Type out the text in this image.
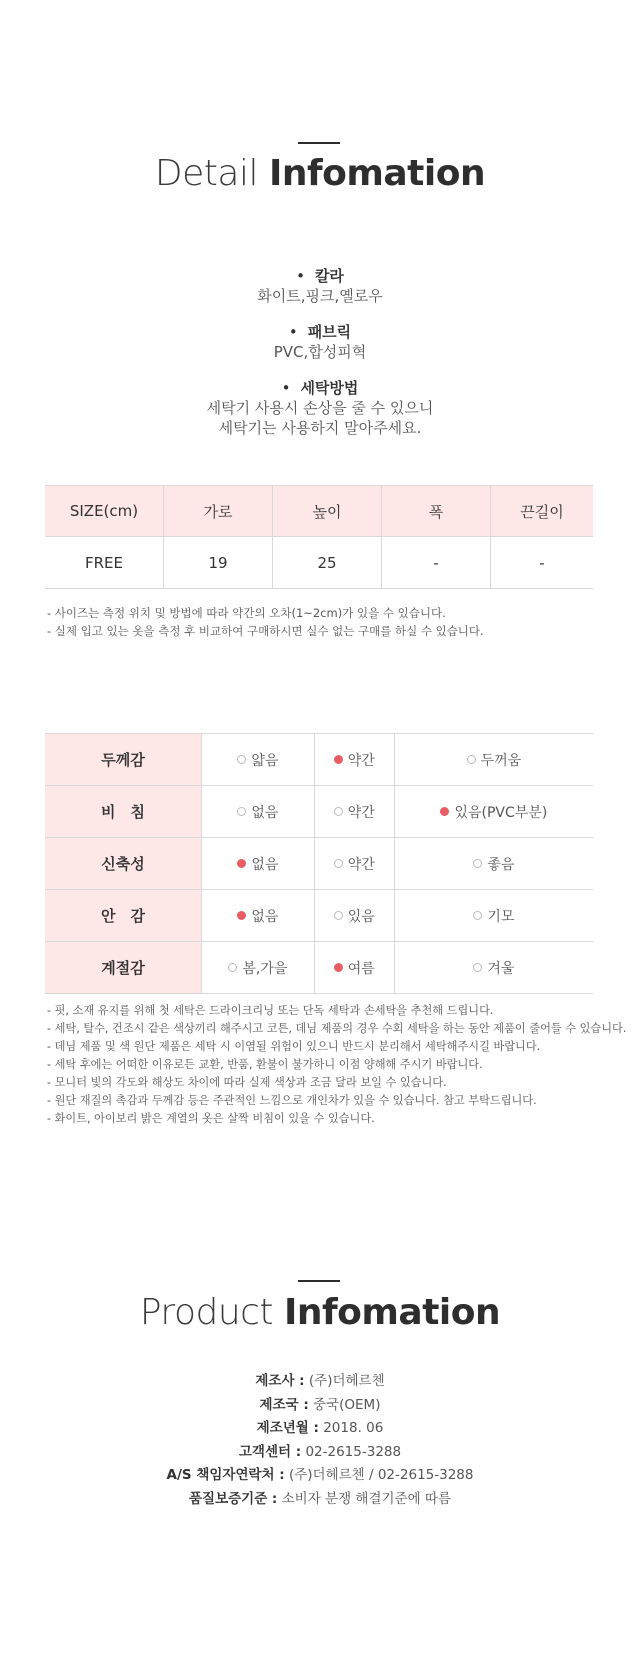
Detail Infomation
• 칼라
화이트,핑크,옐로우
• 패브릭
PVC,합성피혁
• 세탁방법
세탁기 사용시 손상을 줄 수 있으니
세탁기는 사용하지 말아주세요.
SIZE(cm)	가로	높이	폭	끈길이
FREE	19	25	-	-
- 사이즈는 측정 위치 및 방법에 따라 약간의 오차(1~2cm)가 있을 수 있습니다.
- 실제 입고 있는 옷을 측정 후 비교하여 구매하시면 실수 없는 구매를 하실 수 있습니다.
두께감	얇음	약간	두꺼움
비　침	없음	약간	있음(PVC부분)
신축성	없음	약간	좋음
안　감	없음	있음	기모
계절감	봄,가을	여름	겨울
- 핏, 소재 유지를 위해 첫 세탁은 드라이크리닝 또는 단독 세탁과 손세탁을 추천해 드립니다.
- 세탁, 탈수, 건조시 같은 색상끼리 해주시고 코튼, 데님 제품의 경우 수회 세탁을 하는 동안 제품이 줄어들 수 있습니다.
- 데님 제품 및 색 원단 제품은 세탁 시 이염될 위험이 있으니 반드시 분리해서 세탁해주시길 바랍니다.
- 세탁 후에는 어떠한 이유로든 교환, 반품, 환불이 불가하니 이점 양해해 주시기 바랍니다.
- 모니터 빛의 각도와 해상도 차이에 따라 실제 색상과 조금 달라 보일 수 있습니다.
- 원단 재질의 촉감과 두께감 등은 주관적인 느낌으로 개인차가 있을 수 있습니다. 참고 부탁드립니다.
- 화이트, 아이보리 밝은 계열의 옷은 살짝 비침이 있을 수 있습니다.
Product Infomation
제조사 : (주)더헤르첸
제조국 : 중국(OEM)
제조년월 : 2018. 06
고객센터 : 02-2615-3288
A/S 책임자연락처 : (주)더헤르첸 / 02-2615-3288
품질보증기준 : 소비자 분쟁 해결기준에 따름
